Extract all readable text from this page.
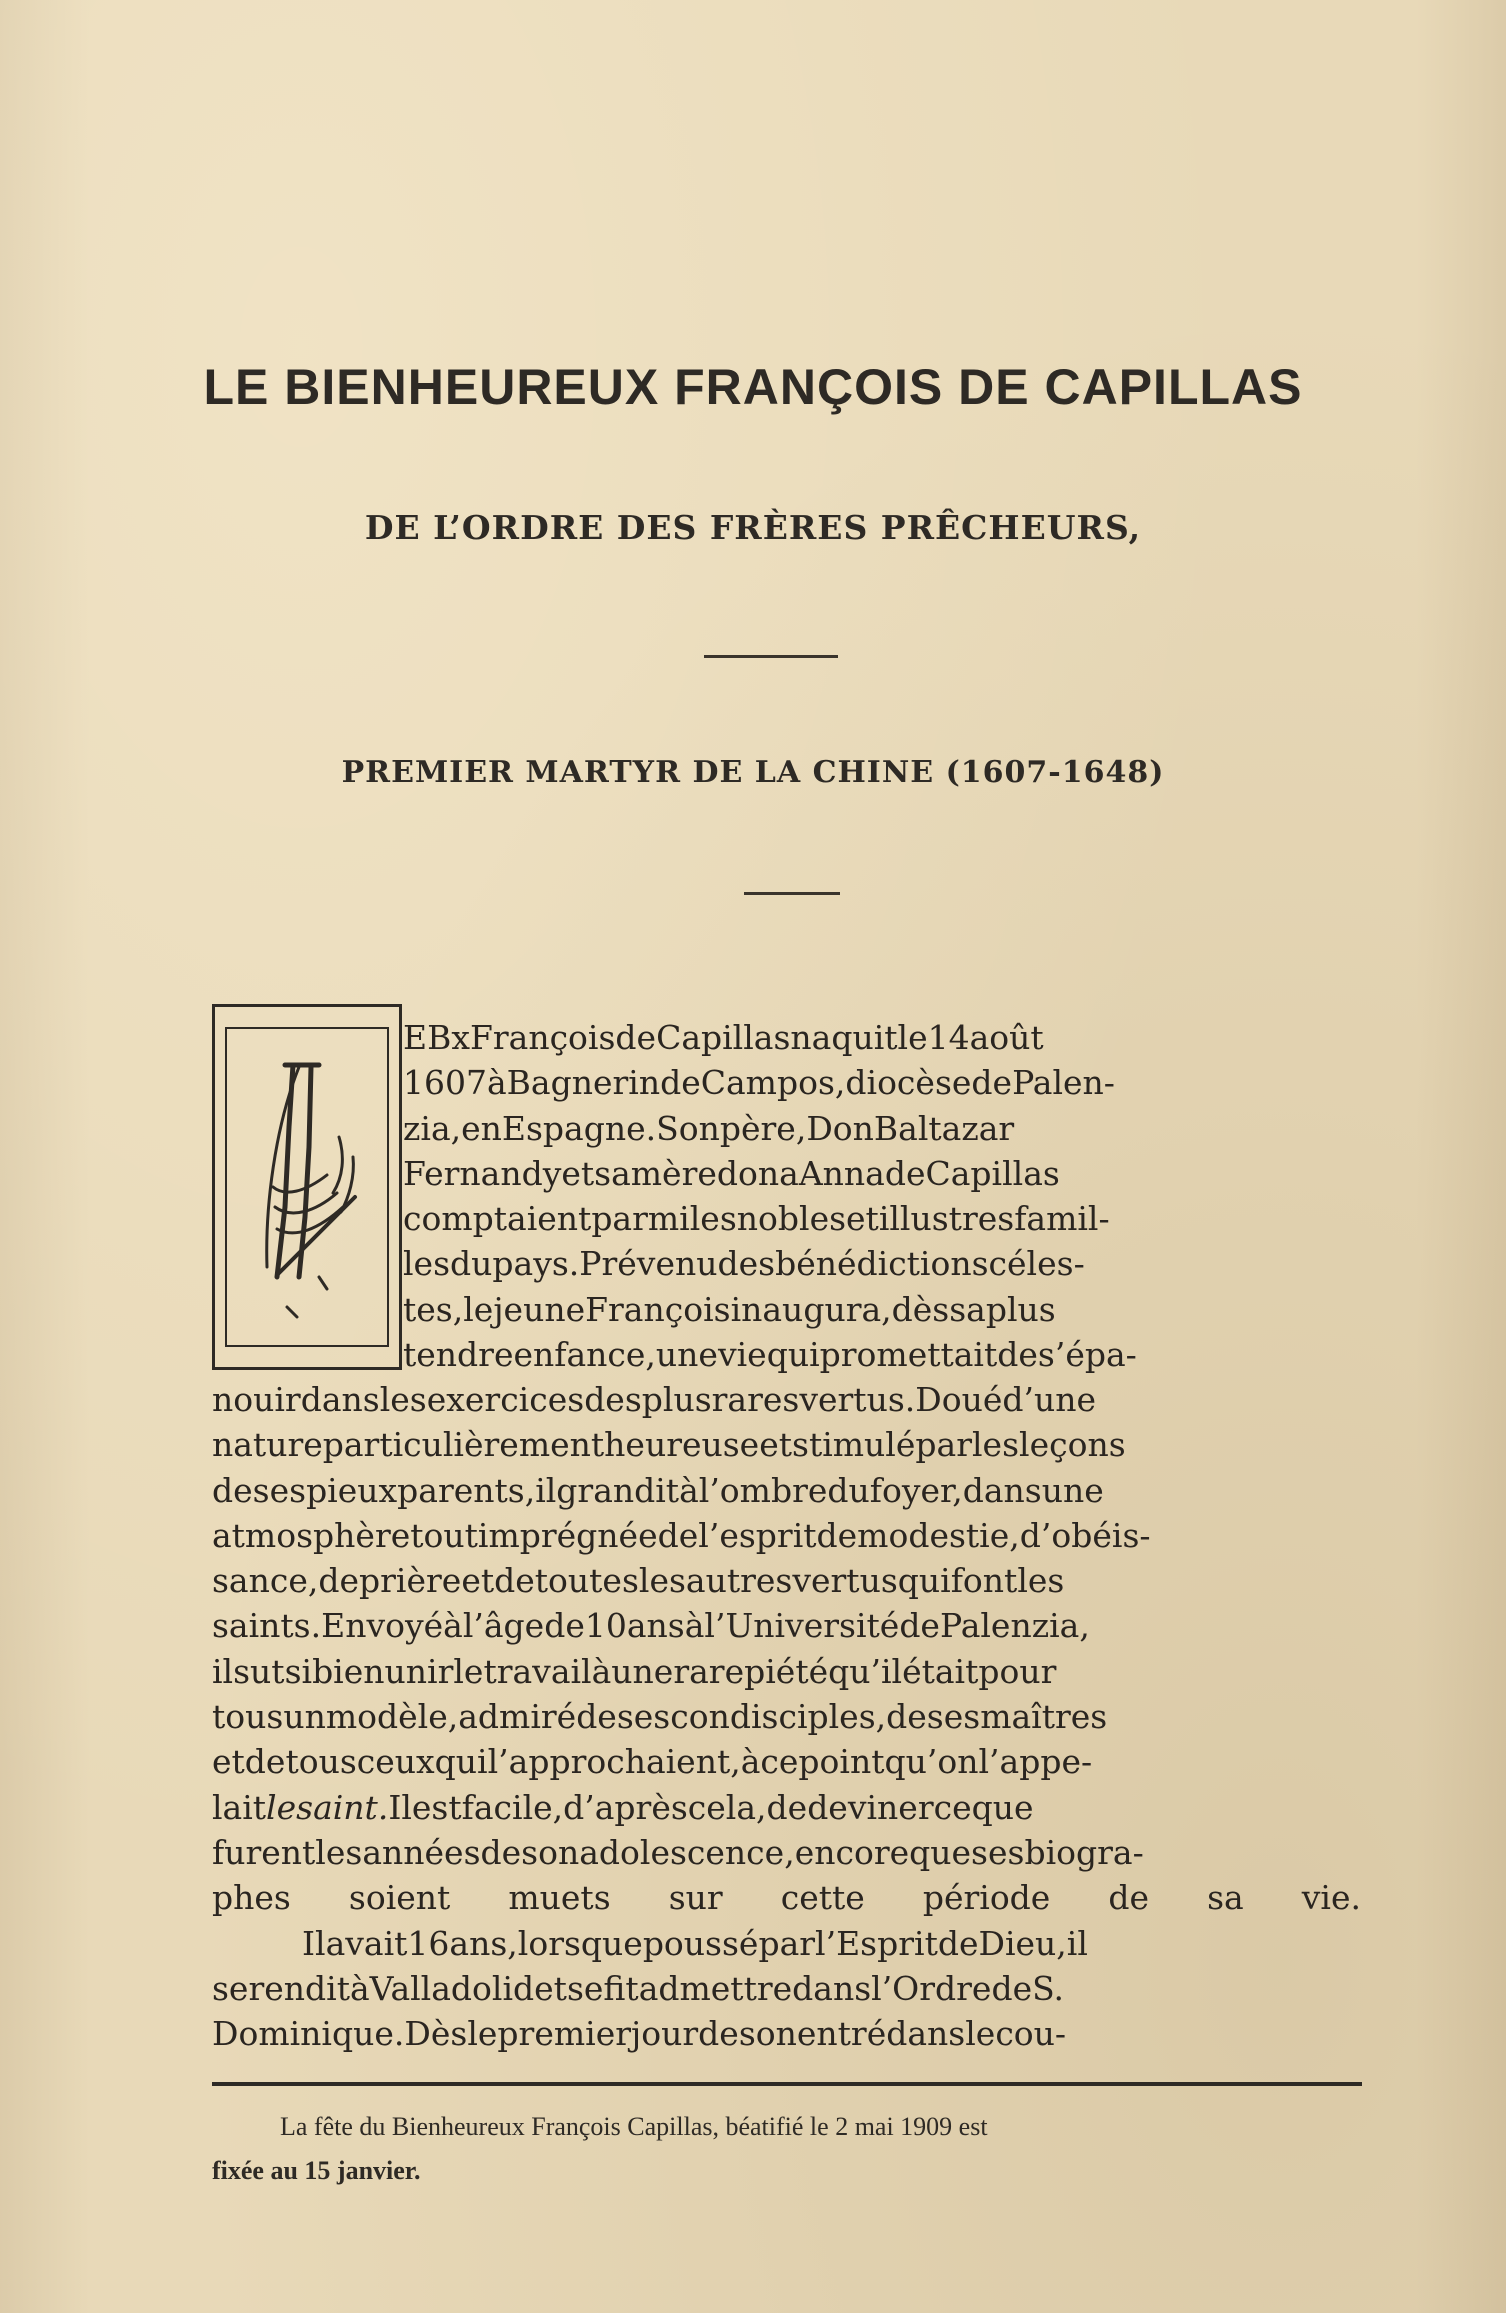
LE BIENHEUREUX FRANÇOIS DE CAPILLAS
DE L’ORDRE DES FRÈRES PRÊCHEURS,
PREMIER MARTYR DE LA CHINE (1607-1648)
EBxFrançoisdeCapillasnaquitle14août
1607àBagnerindeCampos,diocèsedePalen-
zia,enEspagne.Sonpère,DonBaltazar
FernandyetsamèredonaAnnadeCapillas
comptaientparmilesnoblesetillustresfamil-
lesdupays.Prévenudesbénédictionscéles-
tes,lejeuneFrançoisinaugura,dèssaplus
tendreenfance,uneviequipromettaitdes’épa-
nouirdanslesexercicesdesplusraresvertus.Douéd’une
natureparticulièrementheureuseetstimuléparlesleçons
desespieuxparents,ilgranditàl’ombredufoyer,dansune
atmosphèretoutimprégnéedel’espritdemodestie,d’obéis-
sance,deprièreetdetouteslesautresvertusquifontles
saints.Envoyéàl’âgede10ansàl’UniversitédePalenzia,
ilsutsibienunirletravailàunerarepiétéqu’ilétaitpour
tousunmodèle,admirédesescondisciples,desesmaîtres
etdetousceuxquil’approchaient,àcepointqu’onl’appe-
laitlesaint.Ilestfacile,d’aprèscela,dedevinerceque
furentlesannéesdesonadolescence,encorequesesbiogra-
phes soient muets sur cette période de sa vie.
Ilavait16ans,lorsquepousséparl’EspritdeDieu,il
serenditàValladolidetsefitadmettredansl’OrdredeS.
Dominique.Dèslepremierjourdesonentrédanslecou-
La fête du Bienheureux François Capillas, béatifié le 2 mai 1909 est
fixée au 15 janvier.
